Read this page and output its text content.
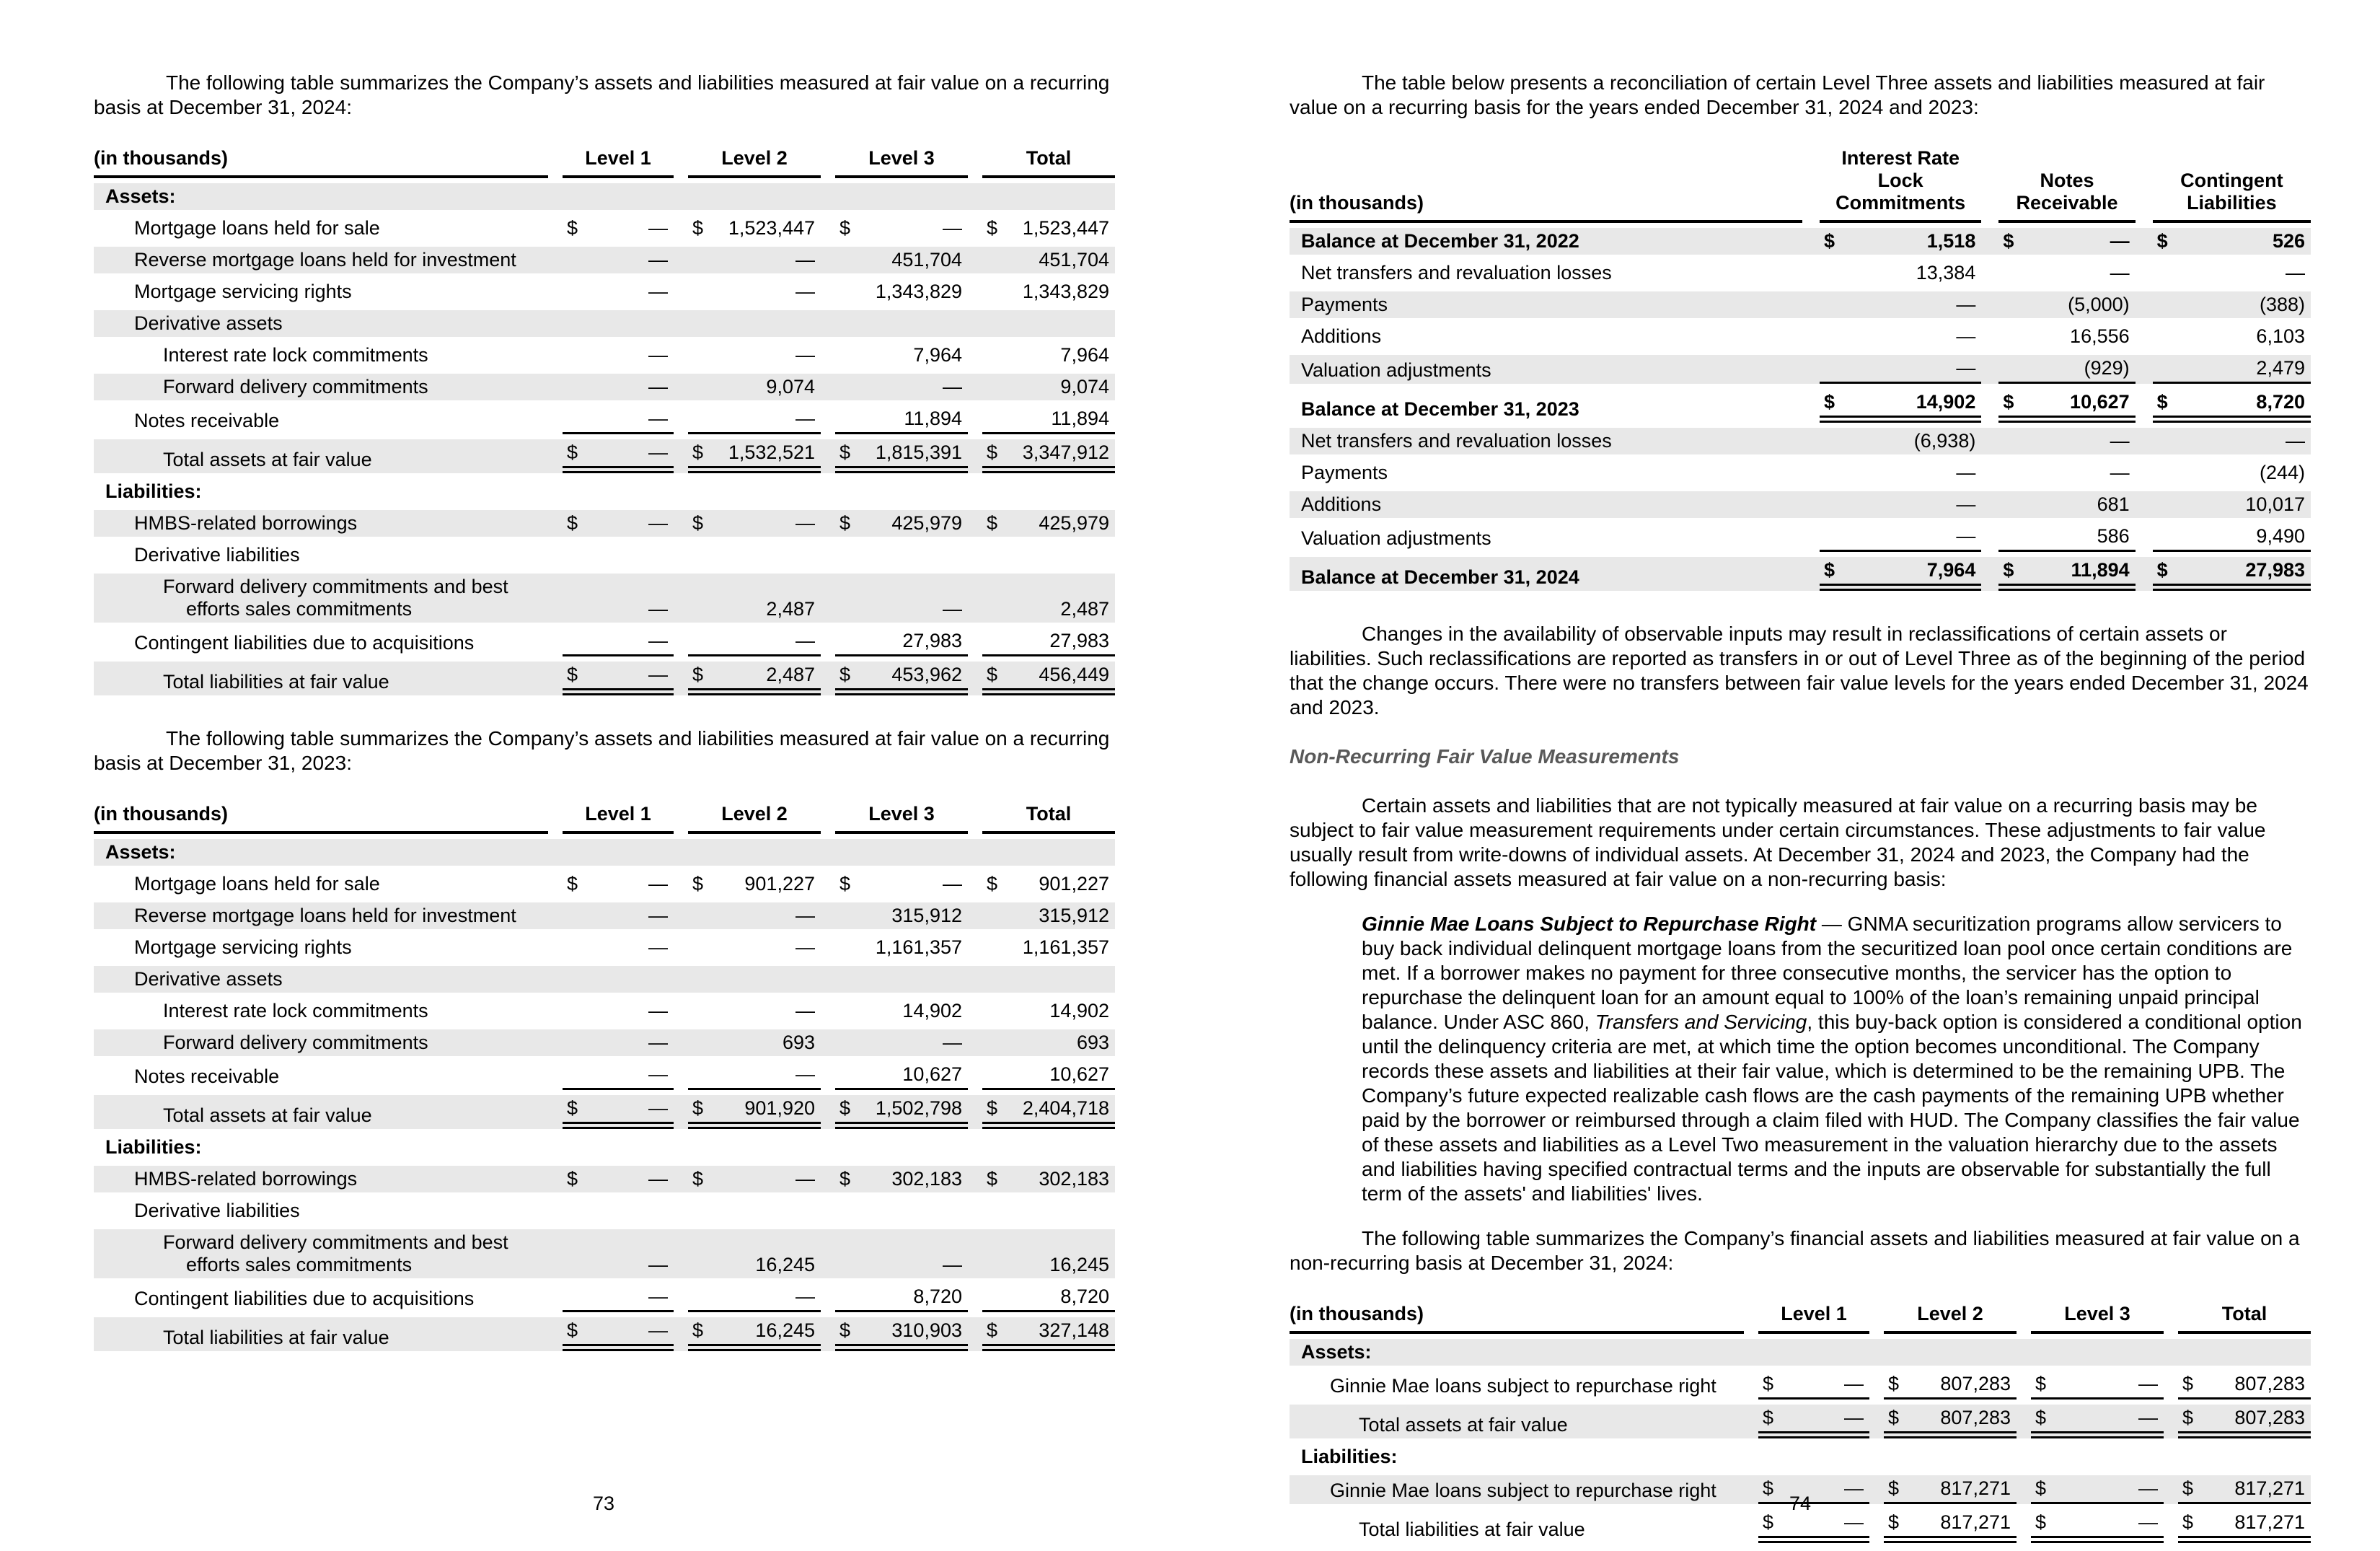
The following table summarizes the Company’s assets and liabilities measured at fair value on a recurring basis at December 31, 2024:

(in thousands)		Level 1			Level 2			Level 3			Total	
Assets:												
Mortgage loans held for sale		$	—		$	1,523,447		$	—		$	1,523,447
Reverse mortgage loans held for investment			—			—			451,704			451,704
Mortgage servicing rights			—			—			1,343,829			1,343,829
Derivative assets												
Interest rate lock commitments			—			—			7,964			7,964
Forward delivery commitments			—			9,074			—			9,074
Notes receivable			—			—			11,894			11,894
Total assets at fair value		$	—		$	1,532,521		$	1,815,391		$	3,347,912
Liabilities:												
HMBS-related borrowings		$	—		$	—		$	425,979		$	425,979
Derivative liabilities												
Forward delivery commitments and best efforts sales commitments			—			2,487			—			2,487
Contingent liabilities due to acquisitions			—			—			27,983			27,983
Total liabilities at fair value		$	—		$	2,487		$	453,962		$	456,449

The following table summarizes the Company’s assets and liabilities measured at fair value on a recurring basis at December 31, 2023:

(in thousands)		Level 1			Level 2			Level 3			Total	
Assets:												
Mortgage loans held for sale		$	—		$	901,227		$	—		$	901,227
Reverse mortgage loans held for investment			—			—			315,912			315,912
Mortgage servicing rights			—			—			1,161,357			1,161,357
Derivative assets												
Interest rate lock commitments			—			—			14,902			14,902
Forward delivery commitments			—			693			—			693
Notes receivable			—			—			10,627			10,627
Total assets at fair value		$	—		$	901,920		$	1,502,798		$	2,404,718
Liabilities:												
HMBS-related borrowings		$	—		$	—		$	302,183		$	302,183
Derivative liabilities												
Forward delivery commitments and best efforts sales commitments			—			16,245			—			16,245
Contingent liabilities due to acquisitions			—			—			8,720			8,720
Total liabilities at fair value		$	—		$	16,245		$	310,903		$	327,148
73

The table below presents a reconciliation of certain Level Three assets and liabilities measured at fair value on a recurring basis for the years ended December 31, 2024 and 2023:

(in thousands)		Interest Rate
Lock
Commitments			Notes
Receivable			Contingent
Liabilities	
Balance at December 31, 2022		$	1,518		$	—		$	526
Net transfers and revaluation losses			13,384			—			—
Payments			—			(5,000)			(388)
Additions			—			16,556			6,103
Valuation adjustments			—			(929)			2,479
Balance at December 31, 2023		$	14,902		$	10,627		$	8,720
Net transfers and revaluation losses			(6,938)			—			—
Payments			—			—			(244)
Additions			—			681			10,017
Valuation adjustments			—			586			9,490
Balance at December 31, 2024		$	7,964		$	11,894		$	27,983

Changes in the availability of observable inputs may result in reclassifications of certain assets or liabilities. Such reclassifications are reported as transfers in or out of Level Three as of the beginning of the period that the change occurs. There were no transfers between fair value levels for the years ended December 31, 2024 and 2023.

Non-Recurring Fair Value Measurements

Certain assets and liabilities that are not typically measured at fair value on a recurring basis may be subject to fair value measurement requirements under certain circumstances. These adjustments to fair value usually result from write-downs of individual assets. At December 31, 2024 and 2023, the Company had the following financial assets measured at fair value on a non-recurring basis:

Ginnie Mae Loans Subject to Repurchase Right — GNMA securitization programs allow servicers to buy back individual delinquent mortgage loans from the securitized loan pool once certain conditions are met. If a borrower makes no payment for three consecutive months, the servicer has the option to repurchase the delinquent loan for an amount equal to 100% of the loan’s remaining unpaid principal balance. Under ASC 860, Transfers and Servicing, this buy-back option is considered a conditional option until the delinquency criteria are met, at which time the option becomes unconditional. The Company records these assets and liabilities at their fair value, which is determined to be the remaining UPB. The Company’s future expected realizable cash flows are the cash payments of the remaining UPB whether paid by the borrower or reimbursed through a claim filed with HUD. The Company classifies the fair value of these assets and liabilities as a Level Two measurement in the valuation hierarchy due to the assets and liabilities having specified contractual terms and the inputs are observable for substantially the full term of the assets' and liabilities' lives.

The following table summarizes the Company’s financial assets and liabilities measured at fair value on a non-recurring basis at December 31, 2024:

(in thousands)		Level 1			Level 2			Level 3			Total	
Assets:												
Ginnie Mae loans subject to repurchase right		$	—		$	807,283		$	—		$	807,283
Total assets at fair value		$	—		$	807,283		$	—		$	807,283
Liabilities:												
Ginnie Mae loans subject to repurchase right		$	—		$	817,271		$	—		$	817,271
Total liabilities at fair value		$	—		$	817,271		$	—		$	817,271
74
